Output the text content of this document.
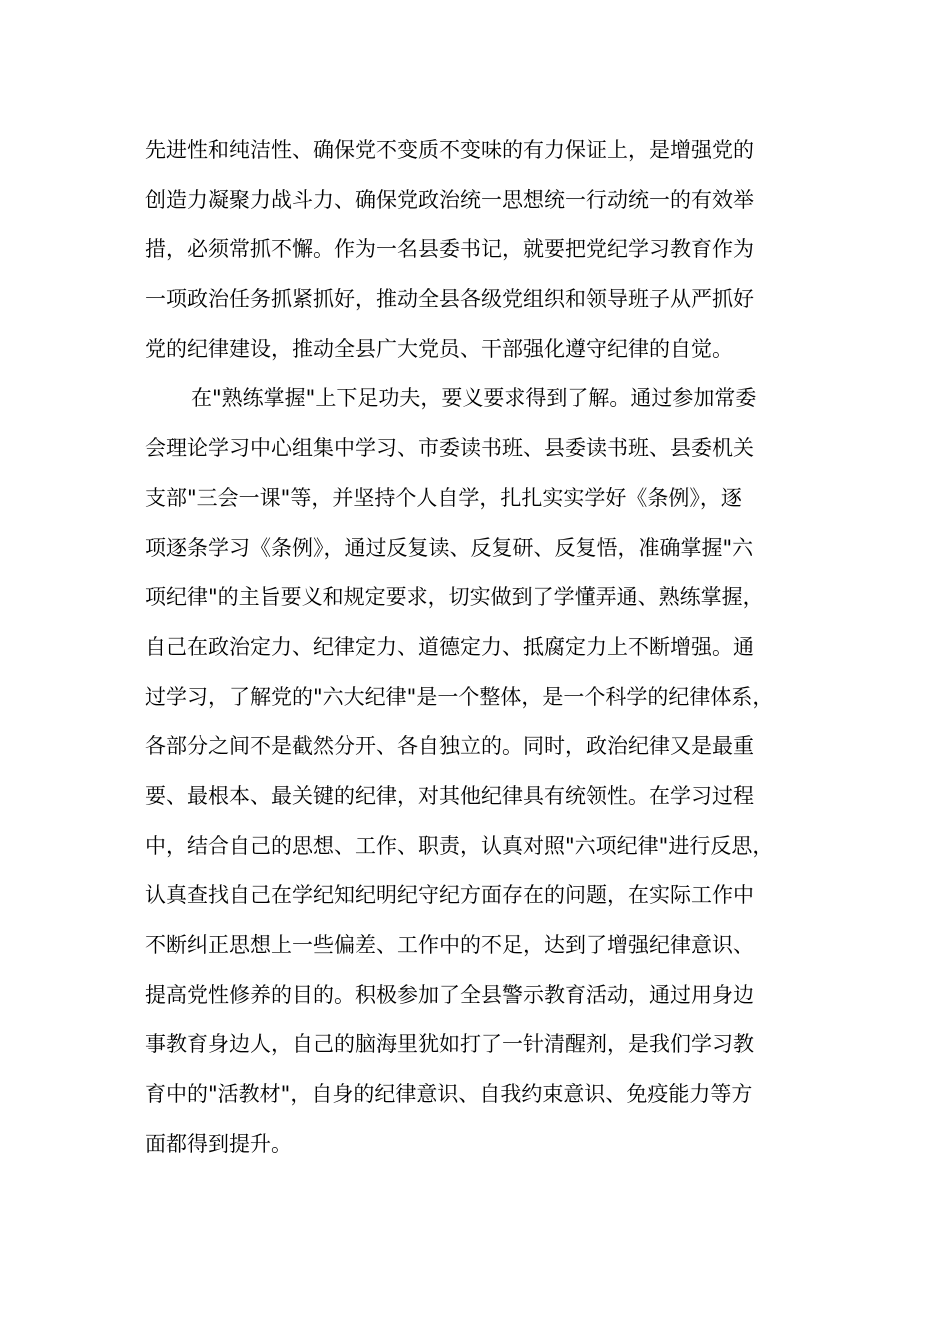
先进性和纯洁性、确保党不变质不变味的有力保证上，是增强党的
创造力凝聚力战斗力、确保党政治统一思想统一行动统一的有效举
措，必须常抓不懈。作为一名县委书记，就要把党纪学习教育作为
一项政治任务抓紧抓好，推动全县各级党组织和领导班子从严抓好
党的纪律建设，推动全县广大党员、干部强化遵守纪律的自觉。
在"熟练掌握"上下足功夫，要义要求得到了解。通过参加常委
会理论学习中心组集中学习、市委读书班、县委读书班、县委机关
支部"三会一课"等，并坚持个人自学，扎扎实实学好《条例》，逐
项逐条学习《条例》，通过反复读、反复研、反复悟，准确掌握"六
项纪律"的主旨要义和规定要求，切实做到了学懂弄通、熟练掌握，
自己在政治定力、纪律定力、道德定力、抵腐定力上不断增强。通
过学习，了解党的"六大纪律"是一个整体，是一个科学的纪律体系，
各部分之间不是截然分开、各自独立的。同时，政治纪律又是最重
要、最根本、最关键的纪律，对其他纪律具有统领性。在学习过程
中，结合自己的思想、工作、职责，认真对照"六项纪律"进行反思，
认真查找自己在学纪知纪明纪守纪方面存在的问题，在实际工作中
不断纠正思想上一些偏差、工作中的不足，达到了增强纪律意识、
提高党性修养的目的。积极参加了全县警示教育活动，通过用身边
事教育身边人，自己的脑海里犹如打了一针清醒剂，是我们学习教
育中的"活教材"，自身的纪律意识、自我约束意识、免疫能力等方
面都得到提升。
